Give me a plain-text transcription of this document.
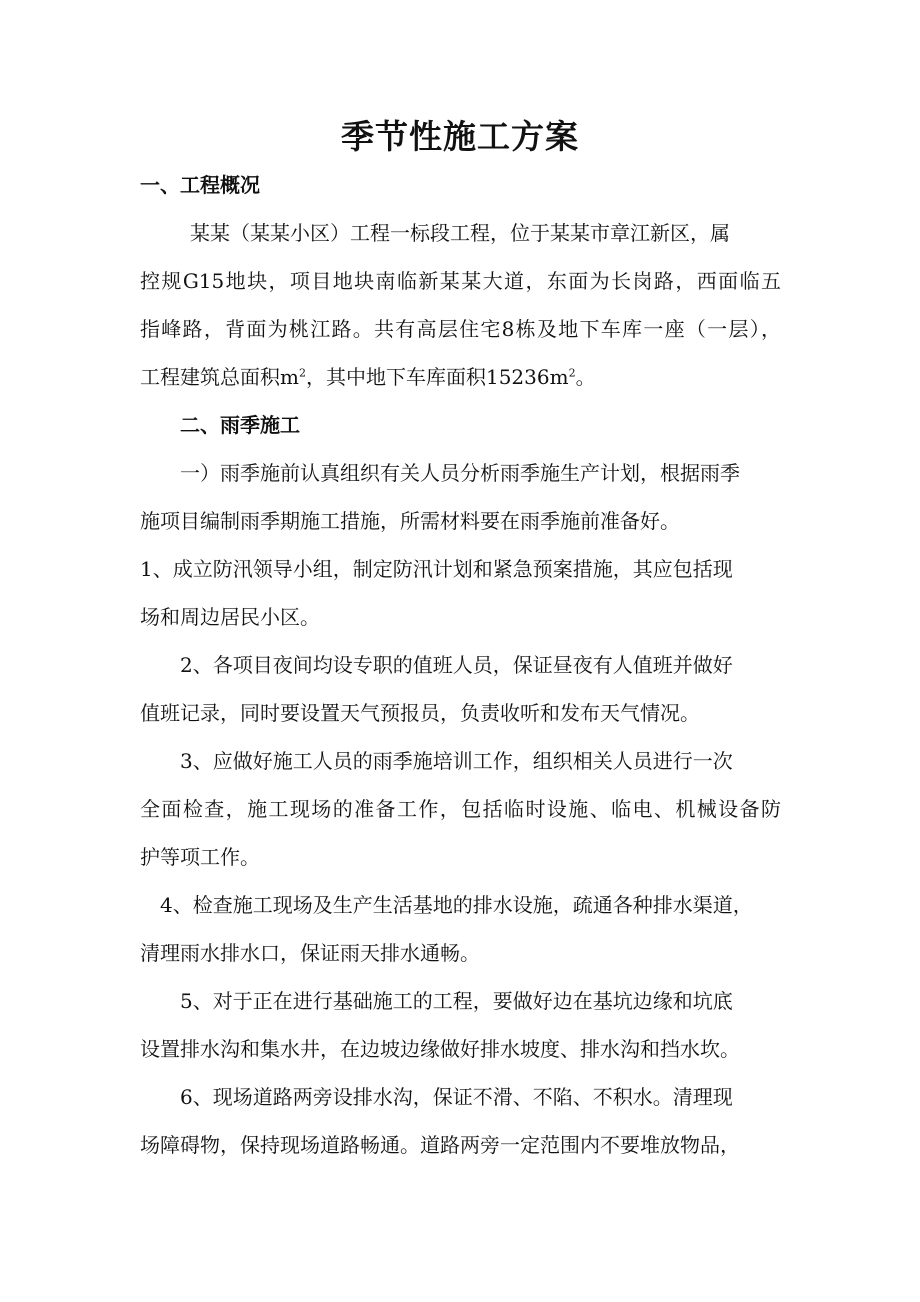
季节性施工方案
一、工程概况
某某（某某小区）工程一标段工程，位于某某市章江新区，属
控规G15地块，项目地块南临新某某大道，东面为长岗路，西面临五
指峰路，背面为桃江路。共有高层住宅8栋及地下车库一座（一层），
工程建筑总面积$m^2$，其中地下车库面积$15236m^2$。
二、雨季施工
一）雨季施前认真组织有关人员分析雨季施生产计划，根据雨季
施项目编制雨季期施工措施，所需材料要在雨季施前准备好。
1、成立防汛领导小组，制定防汛计划和紧急预案措施，其应包括现
场和周边居民小区。
2、各项目夜间均设专职的值班人员，保证昼夜有人值班并做好
值班记录，同时要设置天气预报员，负责收听和发布天气情况。
3、应做好施工人员的雨季施培训工作，组织相关人员进行一次
全面检查，施工现场的准备工作，包括临时设施、临电、机械设备防
护等项工作。
4、检查施工现场及生产生活基地的排水设施，疏通各种排水渠道，
清理雨水排水口，保证雨天排水通畅。
5、对于正在进行基础施工的工程，要做好边在基坑边缘和坑底
设置排水沟和集水井，在边坡边缘做好排水坡度、排水沟和挡水坎。
6、现场道路两旁设排水沟，保证不滑、不陷、不积水。清理现
场障碍物，保持现场道路畅通。道路两旁一定范围内不要堆放物品，
